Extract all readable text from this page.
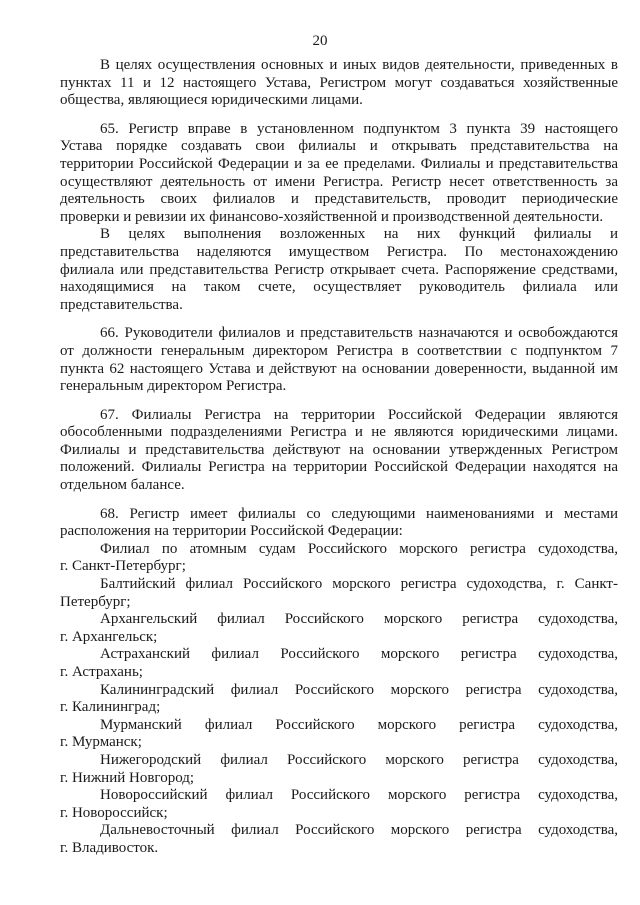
20
В целях осуществления основных и иных видов деятельности, приведенных в
пунктах 11 и 12 настоящего Устава, Регистром могут создаваться хозяйственные
общества, являющиеся юридическими лицами.
65. Регистр вправе в установленном подпунктом 3 пункта 39 настоящего
Устава порядке создавать свои филиалы и открывать представительства на
территории Российской Федерации и за ее пределами. Филиалы и представительства
осуществляют деятельность от имени Регистра. Регистр несет ответственность за
деятельность своих филиалов и представительств, проводит периодические
проверки и ревизии их финансово-хозяйственной и производственной деятельности.
В целях выполнения возложенных на них функций филиалы и
представительства наделяются имуществом Регистра. По местонахождению
филиала или представительства Регистр открывает счета. Распоряжение средствами,
находящимися на таком счете, осуществляет руководитель филиала или
представительства.
66. Руководители филиалов и представительств назначаются и освобождаются
от должности генеральным директором Регистра в соответствии с подпунктом 7
пункта 62 настоящего Устава и действуют на основании доверенности, выданной им
генеральным директором Регистра.
67. Филиалы Регистра на территории Российской Федерации являются
обособленными подразделениями Регистра и не являются юридическими лицами.
Филиалы и представительства действуют на основании утвержденных Регистром
положений. Филиалы Регистра на территории Российской Федерации находятся на
отдельном балансе.
68. Регистр имеет филиалы со следующими наименованиями и местами
расположения на территории Российской Федерации:
Филиал по атомным судам Российского морского регистра судоходства,
г. Санкт-Петербург;
Балтийский филиал Российского морского регистра судоходства, г. Санкт-
Петербург;
Архангельский филиал Российского морского регистра судоходства,
г. Архангельск;
Астраханский филиал Российского морского регистра судоходства,
г. Астрахань;
Калининградский филиал Российского морского регистра судоходства,
г. Калининград;
Мурманский филиал Российского морского регистра судоходства,
г. Мурманск;
Нижегородский филиал Российского морского регистра судоходства,
г. Нижний Новгород;
Новороссийский филиал Российского морского регистра судоходства,
г. Новороссийск;
Дальневосточный филиал Российского морского регистра судоходства,
г. Владивосток.
